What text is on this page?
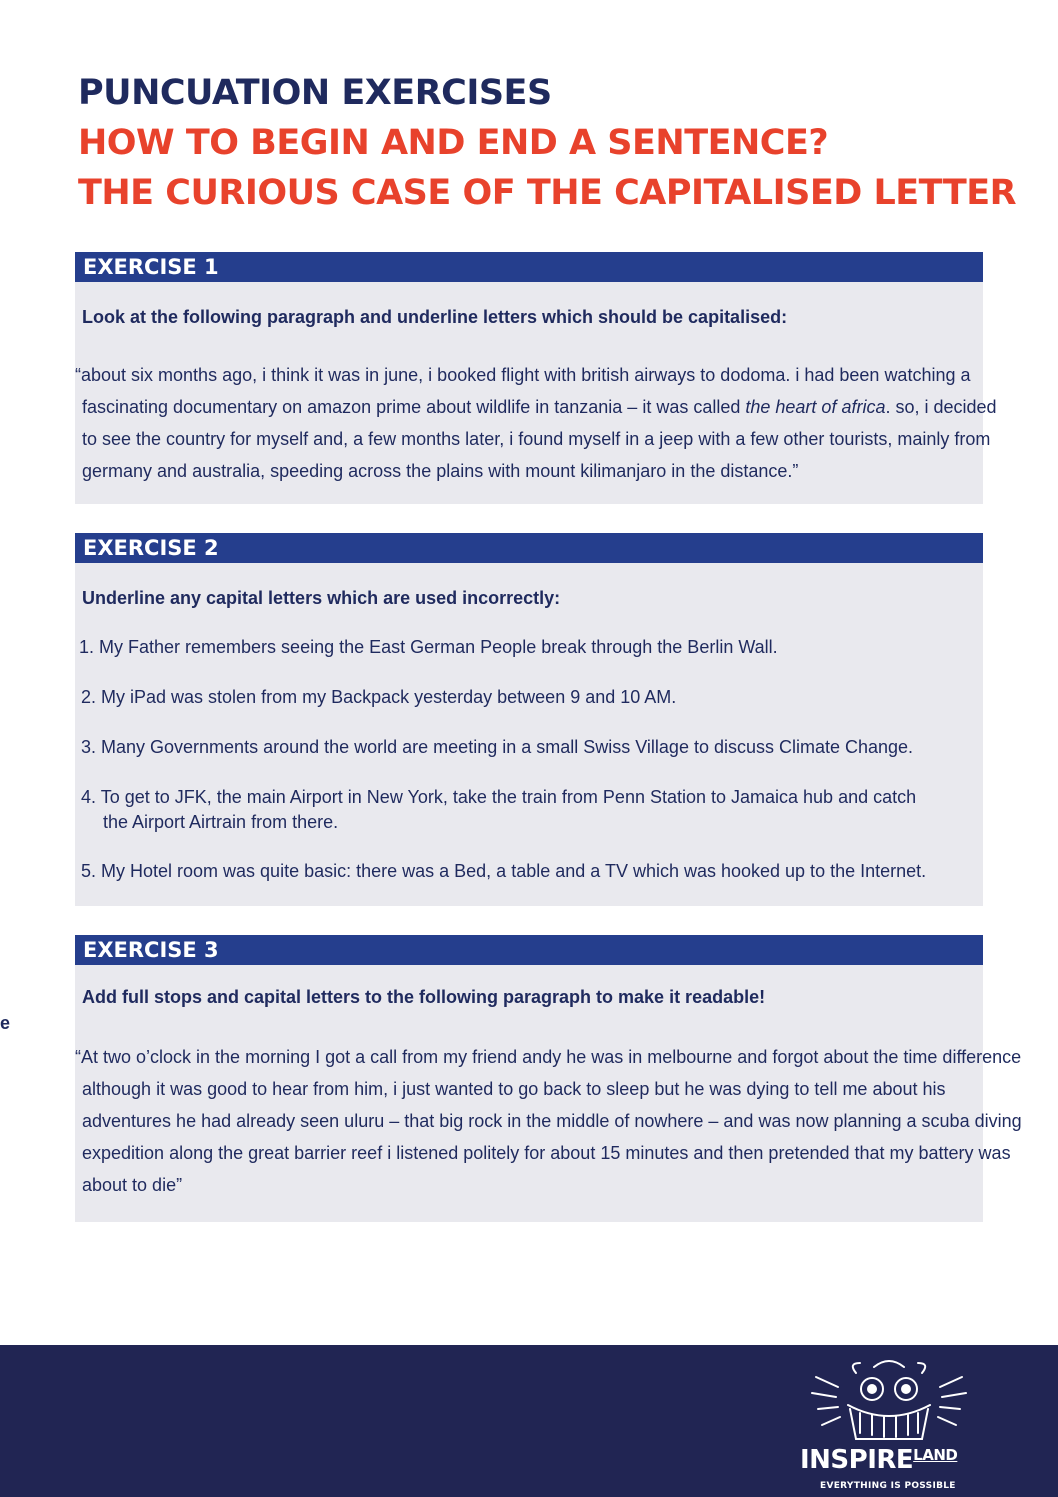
PUNCUATION EXERCISES

HOW TO BEGIN AND END A SENTENCE?

THE CURIOUS CASE OF THE CAPITALISED LETTER

EXERCISE 1
Look at the following paragraph and underline letters which should be capitalised:
“about six months ago, i think it was in june, i booked flight with british airways to dodoma. i had been watching a
fascinating documentary on amazon prime about wildlife in tanzania – it was called the heart of africa. so, i decided
to see the country for myself and, a few months later, i found myself in a jeep with a few other tourists, mainly from
germany and australia, speeding across the plains with mount kilimanjaro in the distance.”
EXERCISE 2
Underline any capital letters which are used incorrectly:
1. My Father remembers seeing the East German People break through the Berlin Wall.
2. My iPad was stolen from my Backpack yesterday between 9 and 10 AM.
3. Many Governments around the world are meeting in a small Swiss Village to discuss Climate Change.
4. To get to JFK, the main Airport in New York, take the train from Penn Station to Jamaica hub and catch
the Airport Airtrain from there.
5. My Hotel room was quite basic: there was a Bed, a table and a TV which was hooked up to the Internet.
EXERCISE 3
Add full stops and capital letters to the following paragraph to make it readable!
“At two o’clock in the morning I got a call from my friend andy he was in melbourne and forgot about the time difference
although it was good to hear from him, i just wanted to go back to sleep but he was dying to tell me about his
adventures he had already seen uluru – that big rock in the middle of nowhere – and was now planning a scuba diving
expedition along the great barrier reef i listened politely for about 15 minutes and then pretended that my battery was
about to die”
e
$INSPIRE^{LAND}$
EVERYTHING IS POSSIBLE
